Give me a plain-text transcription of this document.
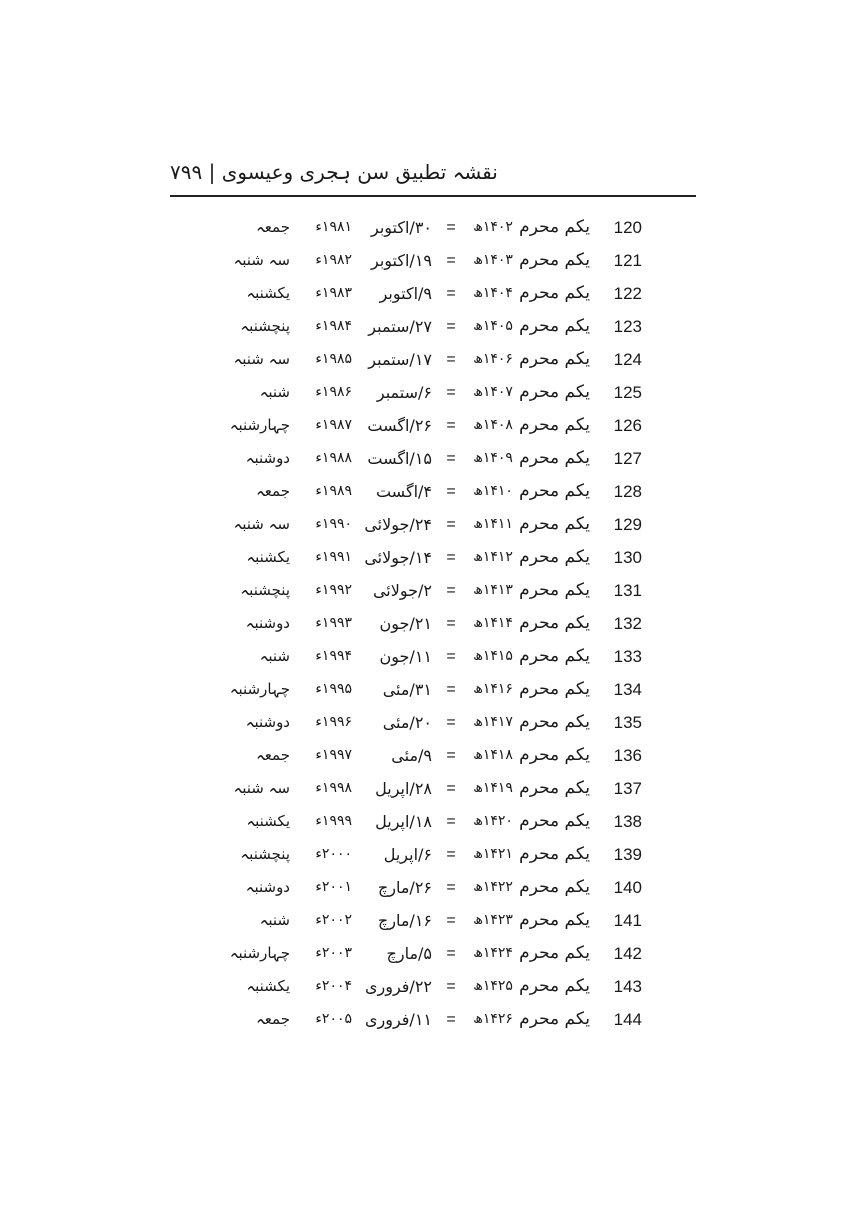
نقشہ تطبیق سن ہجری وعیسوی | ۷۹۹
120
یکم محرم
۱۴۰۲ھ
=
۳۰/اکتوبر
۱۹۸۱ء
جمعہ
121
یکم محرم
۱۴۰۳ھ
=
۱۹/اکتوبر
۱۹۸۲ء
سہ شنبہ
122
یکم محرم
۱۴۰۴ھ
=
۹/اکتوبر
۱۹۸۳ء
یکشنبہ
123
یکم محرم
۱۴۰۵ھ
=
۲۷/ستمبر
۱۹۸۴ء
پنچشنبہ
124
یکم محرم
۱۴۰۶ھ
=
۱۷/ستمبر
۱۹۸۵ء
سہ شنبہ
125
یکم محرم
۱۴۰۷ھ
=
۶/ستمبر
۱۹۸۶ء
شنبہ
126
یکم محرم
۱۴۰۸ھ
=
۲۶/اگست
۱۹۸۷ء
چہارشنبہ
127
یکم محرم
۱۴۰۹ھ
=
۱۵/اگست
۱۹۸۸ء
دوشنبہ
128
یکم محرم
۱۴۱۰ھ
=
۴/اگست
۱۹۸۹ء
جمعہ
129
یکم محرم
۱۴۱۱ھ
=
۲۴/جولائی
۱۹۹۰ء
سہ شنبہ
130
یکم محرم
۱۴۱۲ھ
=
۱۴/جولائی
۱۹۹۱ء
یکشنبہ
131
یکم محرم
۱۴۱۳ھ
=
۲/جولائی
۱۹۹۲ء
پنچشنبہ
132
یکم محرم
۱۴۱۴ھ
=
۲۱/جون
۱۹۹۳ء
دوشنبہ
133
یکم محرم
۱۴۱۵ھ
=
۱۱/جون
۱۹۹۴ء
شنبہ
134
یکم محرم
۱۴۱۶ھ
=
۳۱/مئی
۱۹۹۵ء
چہارشنبہ
135
یکم محرم
۱۴۱۷ھ
=
۲۰/مئی
۱۹۹۶ء
دوشنبہ
136
یکم محرم
۱۴۱۸ھ
=
۹/مئی
۱۹۹۷ء
جمعہ
137
یکم محرم
۱۴۱۹ھ
=
۲۸/اپریل
۱۹۹۸ء
سہ شنبہ
138
یکم محرم
۱۴۲۰ھ
=
۱۸/اپریل
۱۹۹۹ء
یکشنبہ
139
یکم محرم
۱۴۲۱ھ
=
۶/اپریل
۲۰۰۰ء
پنچشنبہ
140
یکم محرم
۱۴۲۲ھ
=
۲۶/مارچ
۲۰۰۱ء
دوشنبہ
141
یکم محرم
۱۴۲۳ھ
=
۱۶/مارچ
۲۰۰۲ء
شنبہ
142
یکم محرم
۱۴۲۴ھ
=
۵/مارچ
۲۰۰۳ء
چہارشنبہ
143
یکم محرم
۱۴۲۵ھ
=
۲۲/فروری
۲۰۰۴ء
یکشنبہ
144
یکم محرم
۱۴۲۶ھ
=
۱۱/فروری
۲۰۰۵ء
جمعہ
